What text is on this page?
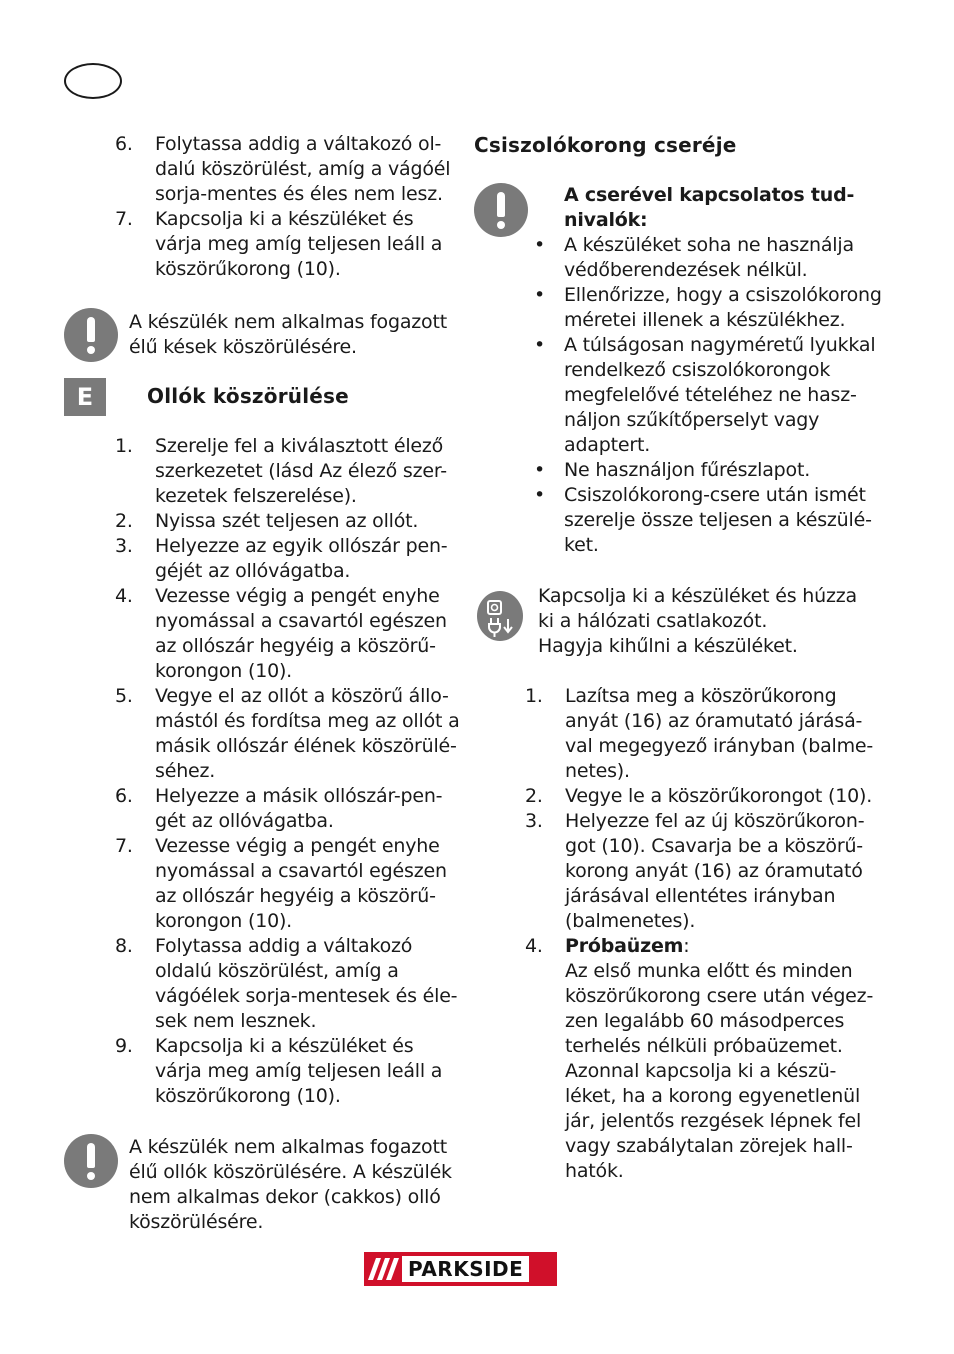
6. Folytassa addig a váltakozó ol-
dalú köszörülést, amíg a vágóél
sorja-mentes és éles nem lesz.
7. Kapcsolja ki a készüléket és
várja meg amíg teljesen leáll a
köszörűkorong (10).
A készülék nem alkalmas fogazott
élű kések köszörülésére.
E	Ollók köszörülése
1. Szerelje fel a kiválasztott élező
szerkezetet (lásd Az élező szer-
kezetek felszerelése).
2. Nyissa szét teljesen az ollót.
3. Helyezze az egyik ollószár pen-
géjét az ollóvágatba.
4. Vezesse végig a pengét enyhe
nyomással a csavartól egészen
az ollószár hegyéig a köszörű-
korongon (10).
5. Vegye el az ollót a köszörű állo-
mástól és fordítsa meg az ollót a
másik ollószár élének köszörülé-
séhez.
6. Helyezze a másik ollószár-pen-
gét az ollóvágatba.
7. Vezesse végig a pengét enyhe
nyomással a csavartól egészen
az ollószár hegyéig a köszörű-
korongon (10).
8. Folytassa addig a váltakozó
oldalú köszörülést, amíg a
vágóélek sorja-mentesek és éle-
sek nem lesznek.
9. Kapcsolja ki a készüléket és
várja meg amíg teljesen leáll a
köszörűkorong (10).
A készülék nem alkalmas fogazott
élű ollók köszörülésére. A készülék
nem alkalmas dekor (cakkos) olló
köszörülésére.
Csiszolókorong cseréje
A cserével kapcsolatos tud-
nivalók:
• A készüléket soha ne használja
védőberendezések nélkül.
• Ellenőrizze, hogy a csiszolókorong
méretei illenek a készülékhez.
• A túlságosan nagyméretű lyukkal
rendelkező csiszolókorongok
megfelelővé tételéhez ne hasz-
náljon szűkítőperselyt vagy
adaptert.
• Ne használjon fűrészlapot.
• Csiszolókorong-csere után ismét
szerelje össze teljesen a készülé-
ket.
Kapcsolja ki a készüléket és húzza
ki a hálózati csatlakozót.
Hagyja kihűlni a készüléket.
1. Lazítsa meg a köszörűkorong
anyát (16) az óramutató járásá-
val megegyező irányban (balme-
netes).
2. Vegye le a köszörűkorongot (10).
3. Helyezze fel az új köszörűkoron-
got (10). Csavarja be a köszörű-
korong anyát (16) az óramutató
járásával ellentétes irányban
(balmenetes).
4. Próbaüzem:
Az első munka előtt és minden
köszörűkorong csere után végez-
zen legalább 60 másodperces
terhelés nélküli próbaüzemet.
Azonnal kapcsolja ki a készü-
léket, ha a korong egyenetlenül
jár, jelentős rezgések lépnek fel
vagy szabálytalan zörejek hall-
hatók.
PARKSIDE
